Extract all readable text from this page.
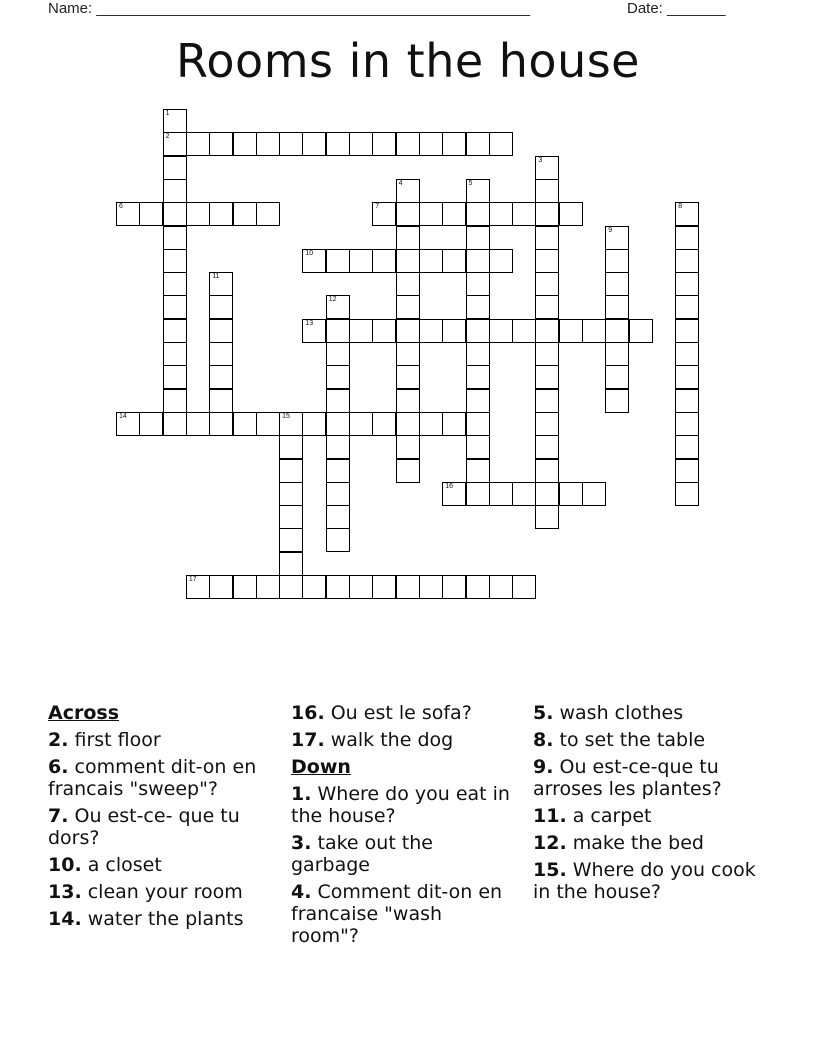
Name: ____________________________________________________	Date: _______
Rooms in the house
1
2
3
4	5
6	7	8
9
10
11
12
13
14	15
16
17
Across
2. first floor
6. comment dit-on en francais "sweep"?
7. Ou est-ce- que tu dors?
10. a closet
13. clean your room
14. water the plants
16. Ou est le sofa?
17. walk the dog
Down
1. Where do you eat in the house?
3. take out the garbage
4. Comment dit-on en francaise "wash room"?
5. wash clothes
8. to set the table
9. Ou est-ce-que tu arroses les plantes?
11. a carpet
12. make the bed
15. Where do you cook in the house?
